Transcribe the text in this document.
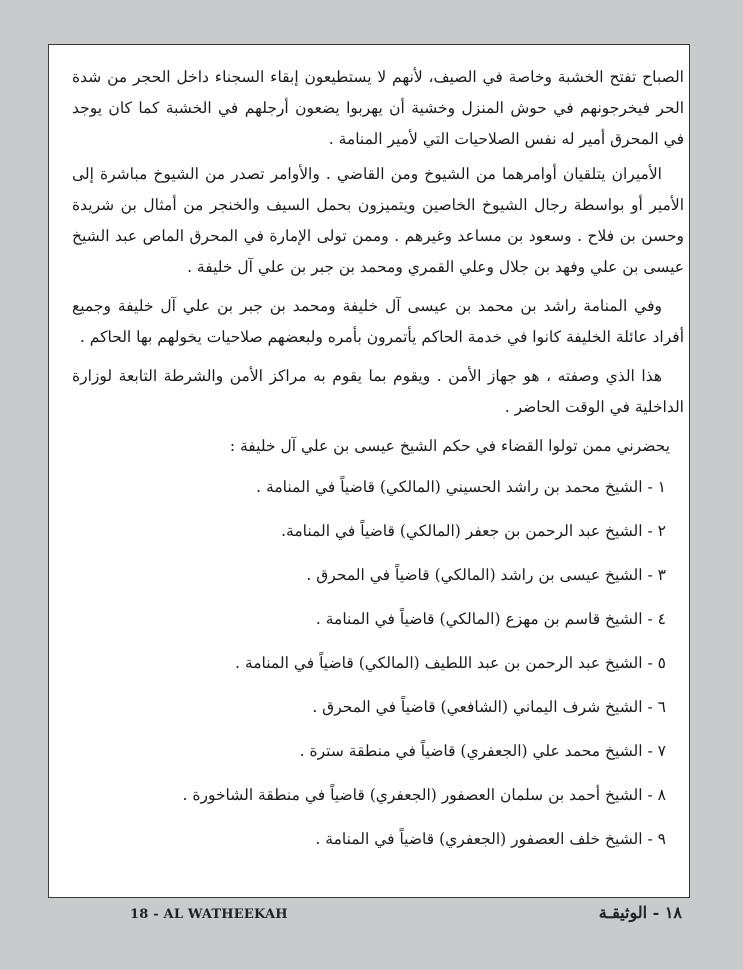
الصباح تفتح الخشبة وخاصة في الصيف، لأنهم لا يستطيعون إبقاء السجناء داخل الحجر من شدة الحر فيخرجونهم في حوش المنزل وخشية أن يهربوا يضعون أرجلهم في الخشبة كما كان يوجد في المحرق أمير له نفس الصلاحيات التي لأمير المنامة .

الأميران يتلقيان أوامرهما من الشيوخ ومن القاضي . والأوامر تصدر من الشيوخ مباشرة إلى الأمير أو بواسطة رجال الشيوخ الخاصين ويتميزون بحمل السيف والخنجر من أمثال بن شريدة وحسن بن فلاح . وسعود بن مساعد وغيرهم . وممن تولى الإمارة في المحرق الماص عبد الشيخ عيسى بن علي وفهد بن جلال وعلي القمري ومحمد بن جبر بن علي آل خليفة .

وفي المنامة راشد بن محمد بن عيسى آل خليفة ومحمد بن جبر بن علي آل خليفة وجميع أفراد عائلة الخليفة كانوا في خدمة الحاكم يأتمرون بأمره ولبعضهم صلاحيات يخولهم بها الحاكم .

هذا الذي وصفته ، هو جهاز الأمن . ويقوم بما يقوم به مراكز الأمن والشرطة التابعة لوزارة الداخلية في الوقت الحاضر .

يحضرني ممن تولوا القضاء في حكم الشيخ عيسى بن علي آل خليفة :

١ - الشيخ محمد بن راشد الحسيني (المالكي) قاضياً في المنامة .
٢ - الشيخ عبد الرحمن بن جعفر (المالكي) قاضياً في المنامة.
٣ - الشيخ عيسى بن راشد (المالكي) قاضياً في المحرق .
٤ - الشيخ قاسم بن مهزع (المالكي) قاضياً في المنامة .
٥ - الشيخ عبد الرحمن بن عبد اللطيف (المالكي) قاضياً في المنامة .
٦ - الشيخ شرف اليماني (الشافعي) قاضياً في المحرق .
٧ - الشيخ محمد علي (الجعفري) قاضياً في منطقة سترة .
٨ - الشيخ أحمد بن سلمان العصفور (الجعفري) قاضياً في منطقة الشاخورة .
٩ - الشيخ خلف العصفور (الجعفري) قاضياً في المنامة .
18 - AL WATHEEKAH	١٨ - الوثيقـة
